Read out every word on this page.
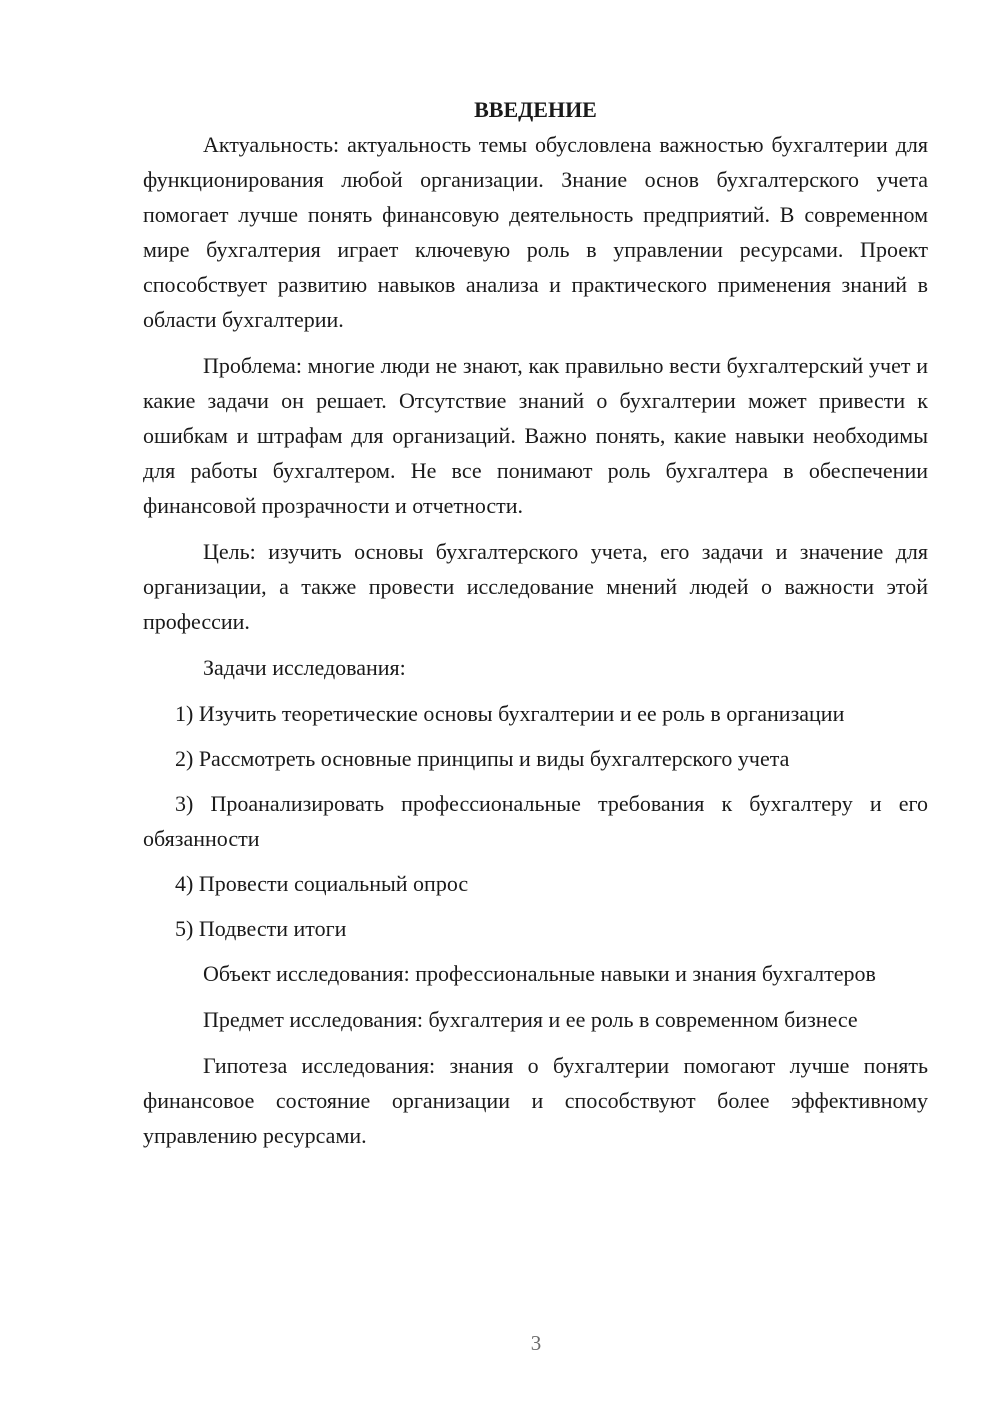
ВВЕДЕНИЕ

Актуальность: актуальность темы обусловлена важностью бухгалтерии для функционирования любой организации. Знание основ бухгалтерского учета помогает лучше понять финансовую деятельность предприятий. В современном мире бухгалтерия играет ключевую роль в управлении ресурсами. Проект способствует развитию навыков анализа и практического применения знаний в области бухгалтерии.

Проблема: многие люди не знают, как правильно вести бухгалтерский учет и какие задачи он решает. Отсутствие знаний о бухгалтерии может привести к ошибкам и штрафам для организаций. Важно понять, какие навыки необходимы для работы бухгалтером. Не все понимают роль бухгалтера в обеспечении финансовой прозрачности и отчетности.

Цель: изучить основы бухгалтерского учета, его задачи и значение для организации, а также провести исследование мнений людей о важности этой профессии.

Задачи исследования:

1) Изучить теоретические основы бухгалтерии и ее роль в организации

2) Рассмотреть основные принципы и виды бухгалтерского учета

3) Проанализировать профессиональные требования к бухгалтеру и его обязанности

4) Провести социальный опрос

5) Подвести итоги

Объект исследования: профессиональные навыки и знания бухгалтеров

Предмет исследования: бухгалтерия и ее роль в современном бизнесе

Гипотеза исследования: знания о бухгалтерии помогают лучше понять финансовое состояние организации и способствуют более эффективному управлению ресурсами.

3
